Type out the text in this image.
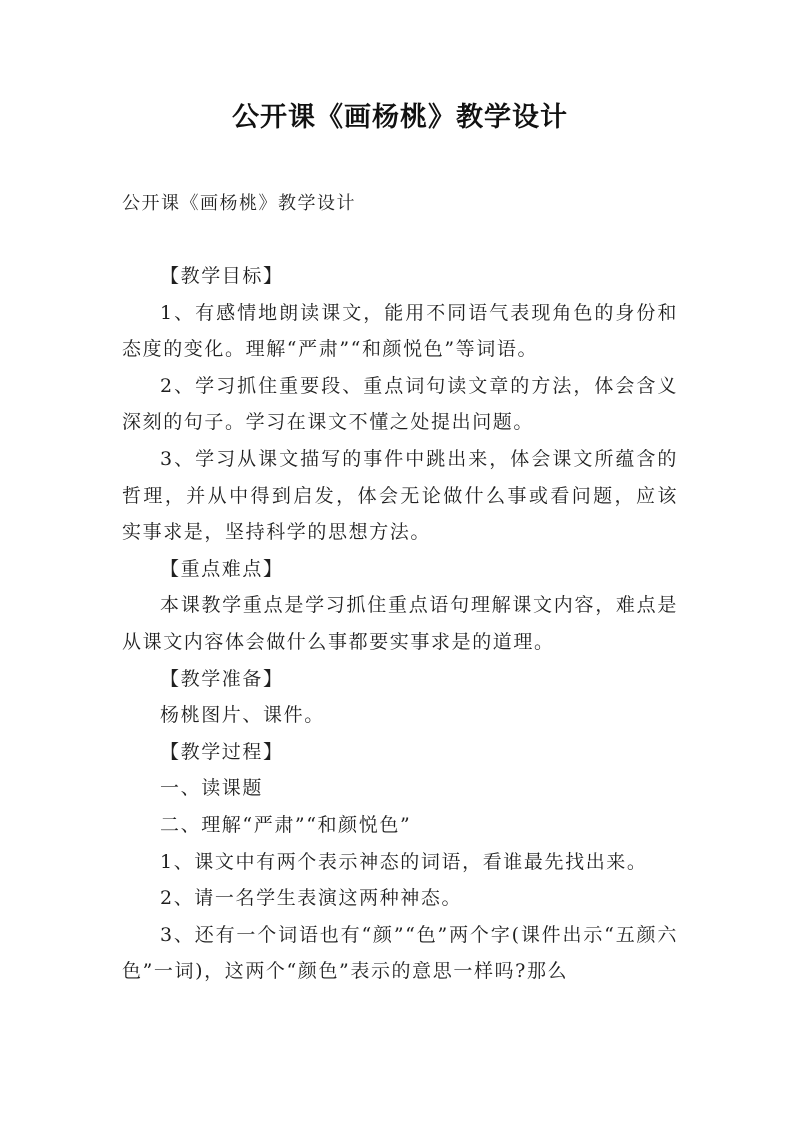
公开课《画杨桃》教学设计
公开课《画杨桃》教学设计

【教学目标】

1、有感情地朗读课文，能用不同语气表现角色的身份和态度的变化。理解“严肃”“和颜悦色”等词语。

2、学习抓住重要段、重点词句读文章的方法，体会含义深刻的句子。学习在课文不懂之处提出问题。

3、学习从课文描写的事件中跳出来，体会课文所蕴含的哲理，并从中得到启发，体会无论做什么事或看问题，应该实事求是，坚持科学的思想方法。

【重点难点】

本课教学重点是学习抓住重点语句理解课文内容，难点是从课文内容体会做什么事都要实事求是的道理。

【教学准备】

杨桃图片、课件。

【教学过程】

一、读课题

二、理解“严肃”“和颜悦色”

1、课文中有两个表示神态的词语，看谁最先找出来。

2、请一名学生表演这两种神态。

3、还有一个词语也有“颜”“色”两个字(课件出示“五颜六色”一词)，这两个“颜色”表示的意思一样吗?那么
